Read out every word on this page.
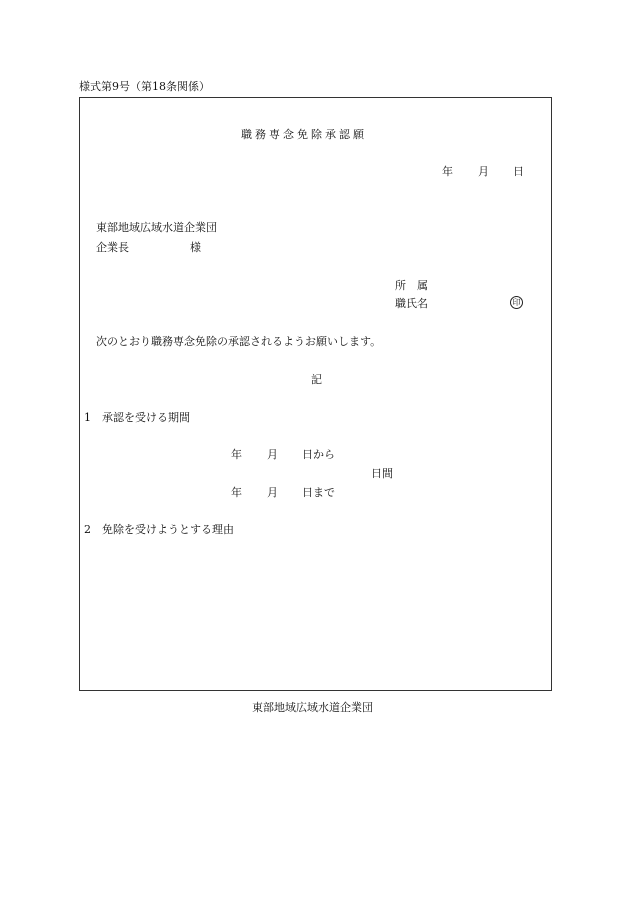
様式第9号（第18条関係）
職務専念免除承認願
年 月 日
東部地域広域水道企業団
企業長	様
所　属
職氏名	印
次のとおり職務専念免除の承認されるようお願いします。
記
1 承認を受ける期間
年 月 日から
日間
年 月 日まで
2 免除を受けようとする理由
東部地域広域水道企業団
